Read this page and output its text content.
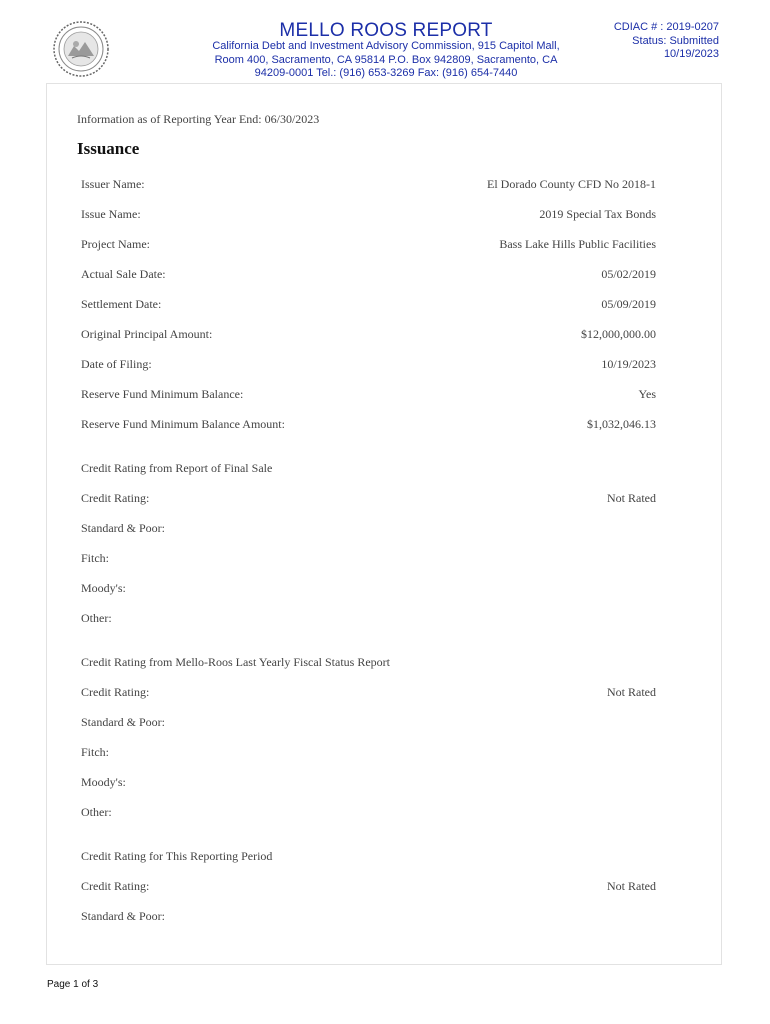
MELLO ROOS REPORT
California Debt and Investment Advisory Commission, 915 Capitol Mall,
Room 400, Sacramento, CA 95814 P.O. Box 942809, Sacramento, CA
94209-0001 Tel.: (916) 653-3269 Fax: (916) 654-7440
CDIAC # : 2019-0207
Status: Submitted
10/19/2023
Information as of Reporting Year End: 06/30/2023
Issuance
Issuer Name:	El Dorado County CFD No 2018-1
Issue Name:	2019 Special Tax Bonds
Project Name:	Bass Lake Hills Public Facilities
Actual Sale Date:	05/02/2019
Settlement Date:	05/09/2019
Original Principal Amount:	$12,000,000.00
Date of Filing:	10/19/2023
Reserve Fund Minimum Balance:	Yes
Reserve Fund Minimum Balance Amount:	$1,032,046.13
Credit Rating from Report of Final Sale
Credit Rating:	Not Rated
Standard & Poor:
Fitch:
Moody's:
Other:
Credit Rating from Mello-Roos Last Yearly Fiscal Status Report
Credit Rating:	Not Rated
Standard & Poor:
Fitch:
Moody's:
Other:
Credit Rating for This Reporting Period
Credit Rating:	Not Rated
Standard & Poor:
Page 1 of 3
